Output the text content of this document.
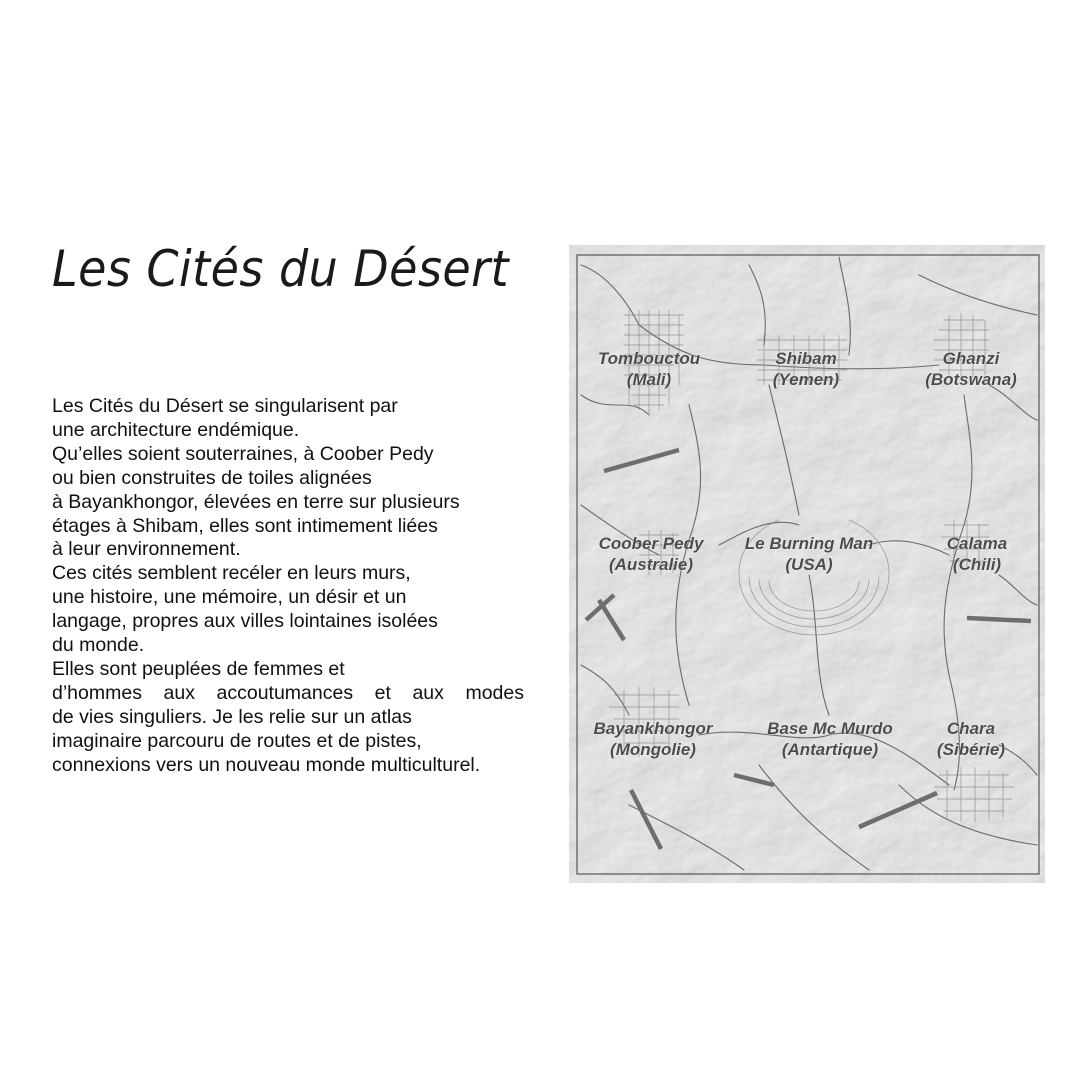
Les Cités du Désert
Les Cités du Désert se singularisent par
une architecture endémique.
Qu’elles soient souterraines, à Coober Pedy
ou bien construites de toiles alignées
à Bayankhongor, élevées en terre sur plusieurs
étages à Shibam, elles sont intimement liées
à leur environnement.
Ces cités semblent recéler en leurs murs,
une histoire, une mémoire, un désir et un
langage, propres aux villes lointaines isolées
du monde.
Elles sont peuplées de femmes et
d’hommes aux accoutumances et aux modes
de vies singuliers. Je les relie sur un atlas
imaginaire parcouru de routes et de pistes,
connexions vers un nouveau monde multiculturel.
Tombouctou
(Mali)
Shibam
(Yemen)
Ghanzi
(Botswana)
Coober Pedy
(Australie)
Le Burning Man
(USA)
Calama
(Chili)
Bayankhongor
(Mongolie)
Base Mc Murdo
(Antartique)
Chara
(Sibérie)
